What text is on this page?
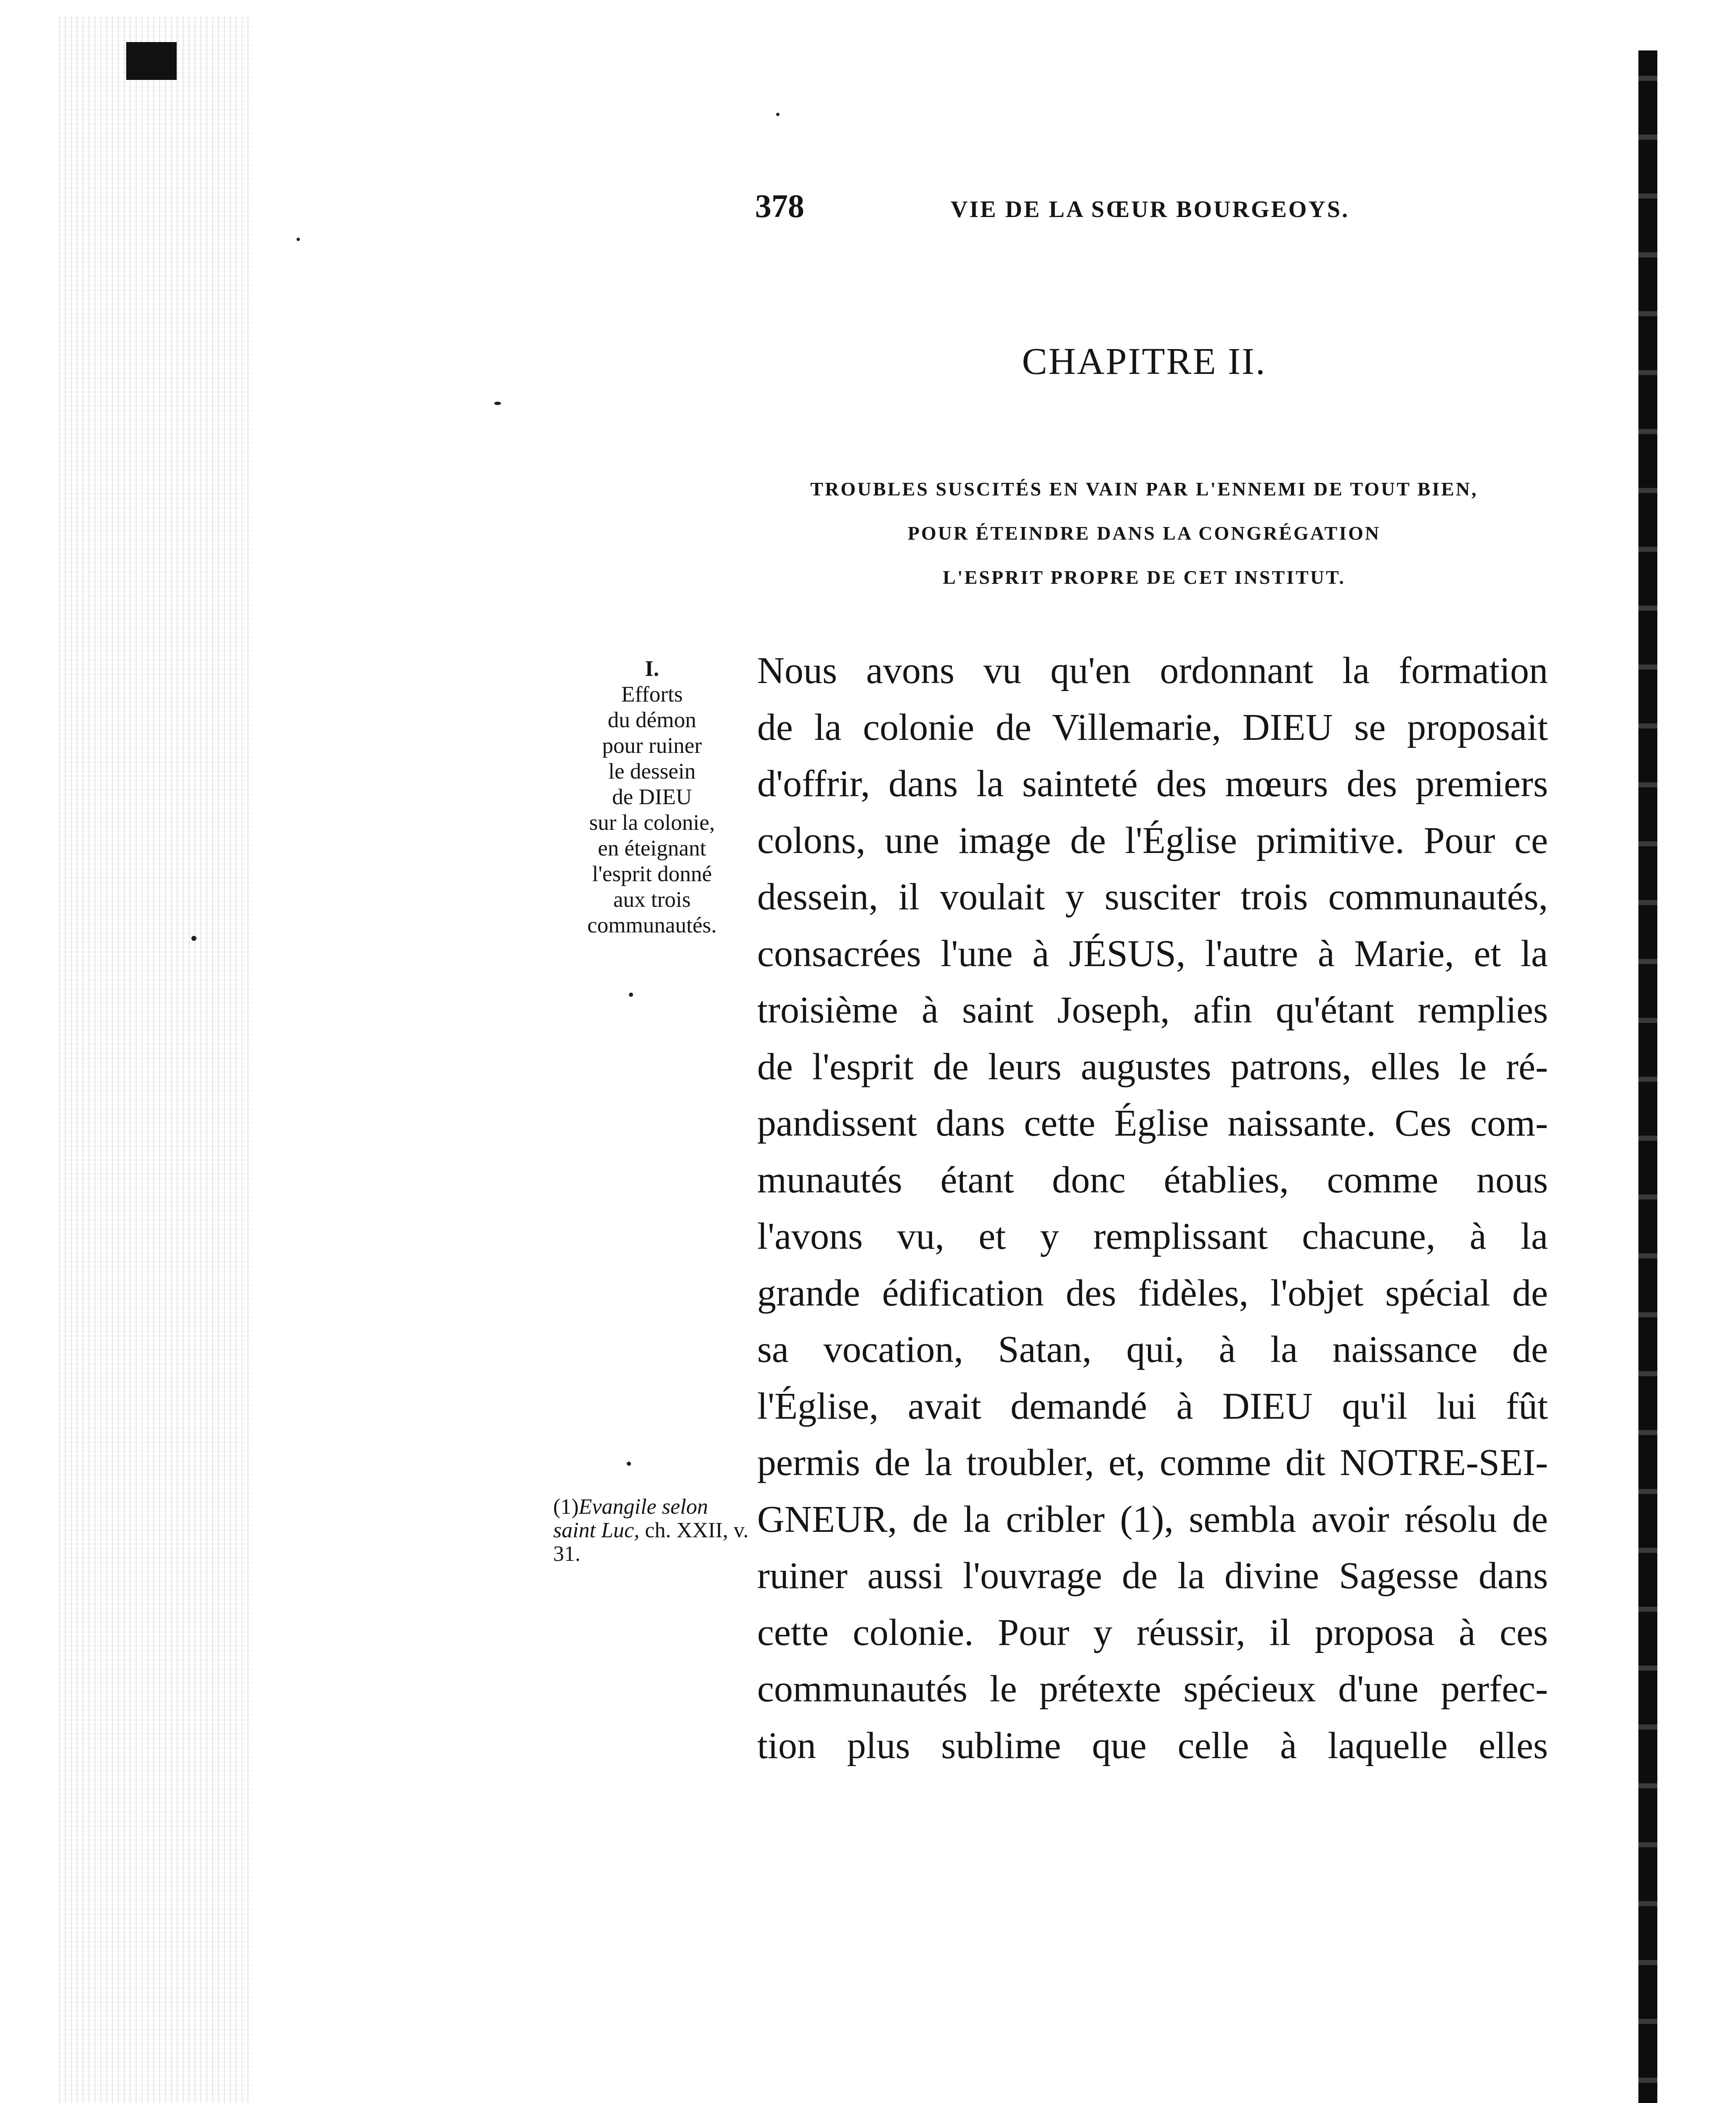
378	VIE DE LA SŒUR BOURGEOYS.
CHAPITRE II.
TROUBLES SUSCITÉS EN VAIN PAR L'ENNEMI DE TOUT BIEN,
POUR ÉTEINDRE DANS LA CONGRÉGATION
L'ESPRIT PROPRE DE CET INSTITUT.
I.
Efforts
du démon
pour ruiner
le dessein
de DIEU
sur la colonie,
en éteignant
l'esprit donné
aux trois
communautés.
(1)Evangile selon saint Luc, ch. XXII, v. 31.
Nous avons vu qu'en ordonnant la formation
de la colonie de Villemarie, DIEU se proposait
d'offrir, dans la sainteté des mœurs des premiers
colons, une image de l'Église primitive. Pour ce
dessein, il voulait y susciter trois communautés,
consacrées l'une à JÉSUS, l'autre à Marie, et la
troisième à saint Joseph, afin qu'étant remplies
de l'esprit de leurs augustes patrons, elles le ré-
pandissent dans cette Église naissante. Ces com-
munautés étant donc établies, comme nous
l'avons vu, et y remplissant chacune, à la
grande édification des fidèles, l'objet spécial de
sa vocation, Satan, qui, à la naissance de
l'Église, avait demandé à DIEU qu'il lui fût
permis de la troubler, et, comme dit NOTRE-SEI-
GNEUR, de la cribler (1), sembla avoir résolu de
ruiner aussi l'ouvrage de la divine Sagesse dans
cette colonie. Pour y réussir, il proposa à ces
communautés le prétexte spécieux d'une perfec-
tion plus sublime que celle à laquelle elles
